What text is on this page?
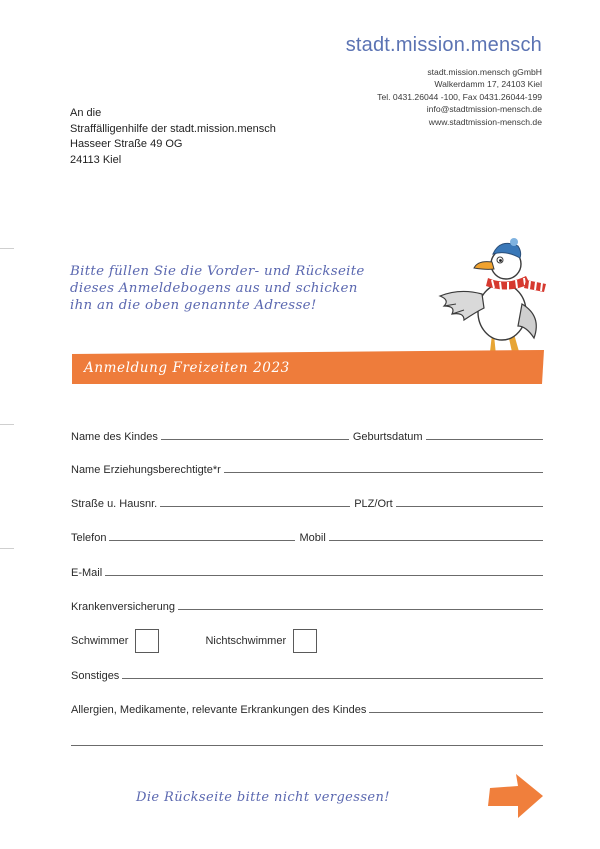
stadt.mission.mensch
stadt.mission.mensch gGmbH
Walkerdamm 17, 24103 Kiel
Tel. 0431.26044 -100, Fax 0431.26044-199
info@stadtmission-mensch.de
www.stadtmission-mensch.de
An die
Straffälligenhilfe der stadt.mission.mensch
Hasseer Straße 49 OG
24113 Kiel
Bitte füllen Sie die Vorder- und Rückseite
dieses Anmeldebogens aus und schicken
ihn an die oben genannte Adresse!
Anmeldung Freizeiten 2023
Name des Kindes	Geburtsdatum
Name Erziehungsberechtigte*r
Straße u. Hausnr.	PLZ/Ort
Telefon	Mobil
E-Mail
Krankenversicherung
Schwimmer	Nichtschwimmer
Sonstiges
Allergien, Medikamente, relevante Erkrankungen des Kindes
Die Rückseite bitte nicht vergessen!
